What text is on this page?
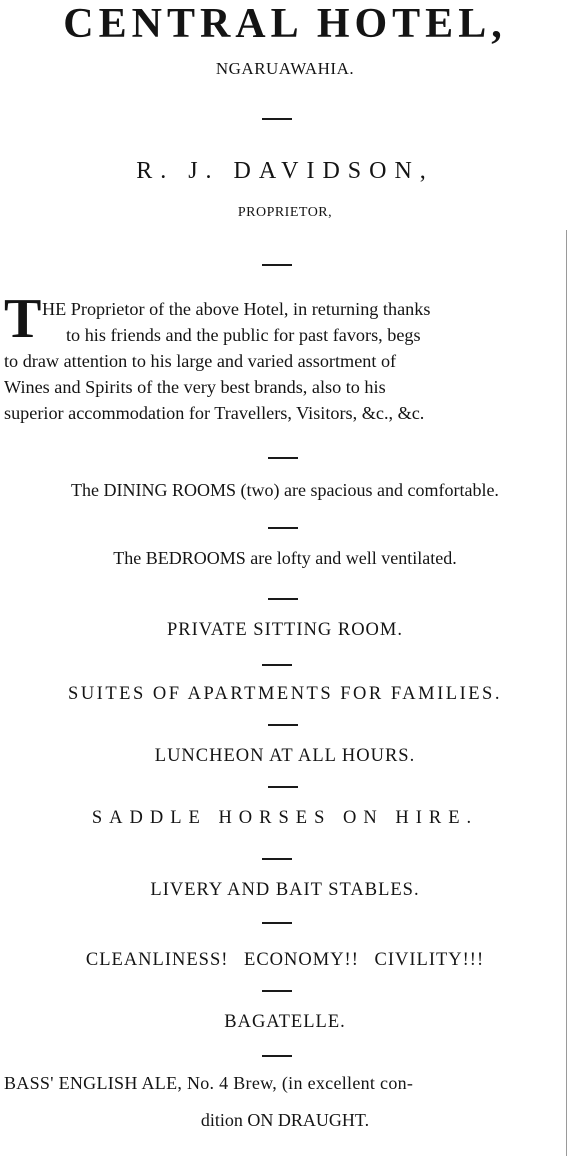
CENTRAL HOTEL,
NGARUAWAHIA.
R. J. DAVIDSON,
PROPRIETOR,
T HE Proprietor of the above Hotel, in returning thanks
to his friends and the public for past favors, begs
to draw attention to his large and varied assortment of
Wines and Spirits of the very best brands, also to his
superior accommodation for Travellers, Visitors, &c., &c.
The DINING ROOMS (two) are spacious and comfortable.
The BEDROOMS are lofty and well ventilated.
PRIVATE SITTING ROOM.
SUITES OF APARTMENTS FOR FAMILIES.
LUNCHEON AT ALL HOURS.
SADDLE HORSES ON HIRE.
LIVERY AND BAIT STABLES.
CLEANLINESS! ECONOMY!! CIVILITY!!!
BAGATELLE.
BASS' ENGLISH ALE, No. 4 Brew, (in excellent con-
dition ON DRAUGHT.
